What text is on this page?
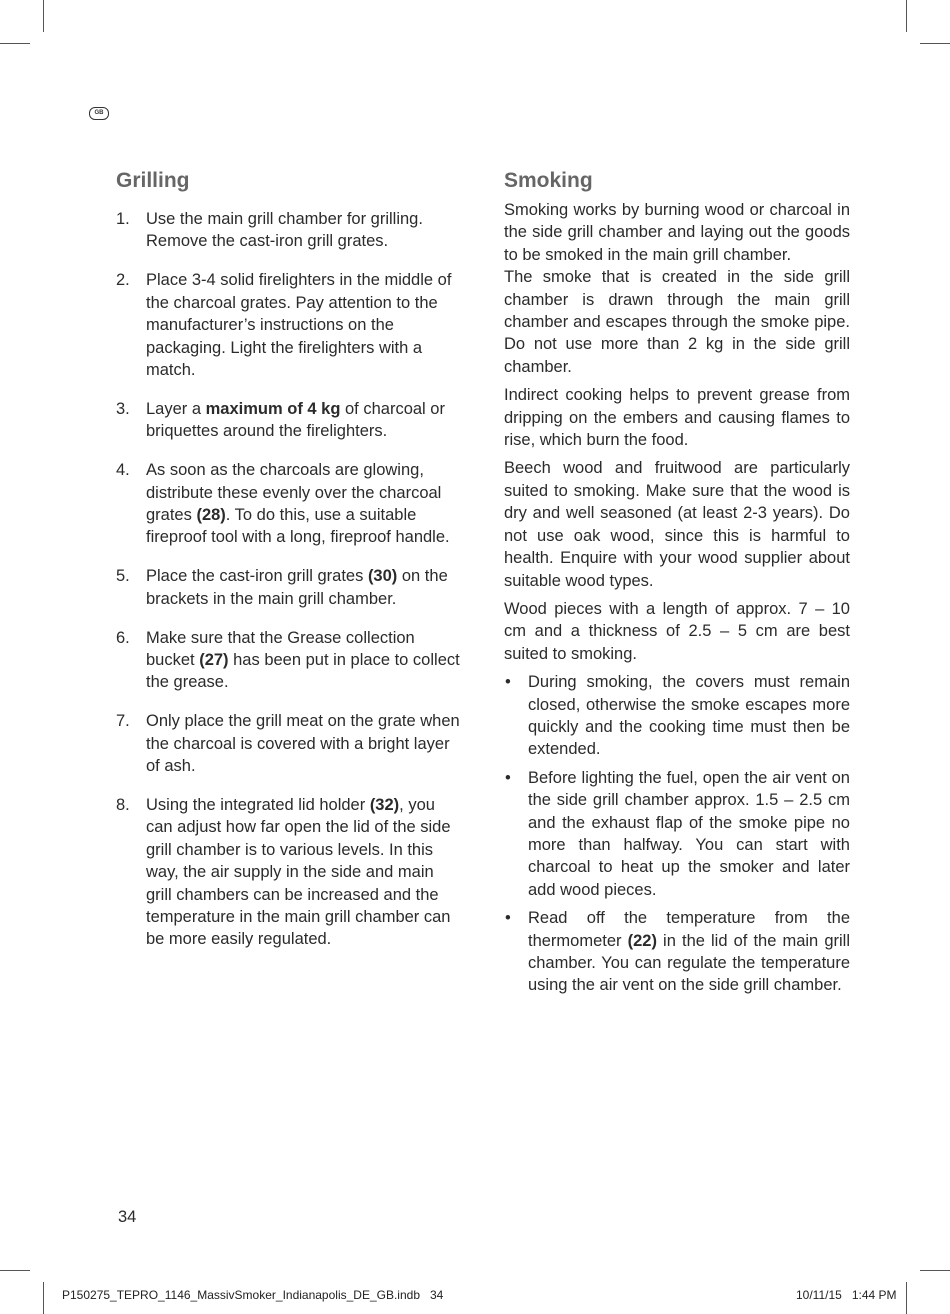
GB
Grilling
1. Use the main grill chamber for grilling. Remove the cast-iron grill grates.
2. Place 3-4 solid firelighters in the middle of the charcoal grates. Pay attention to the manufacturer’s instructions on the packaging. Light the firelighters with a match.
3. Layer a maximum of 4 kg of charcoal or briquettes around the firelighters.
4. As soon as the charcoals are glowing, distribute these evenly over the charcoal grates (28). To do this, use a suitable fireproof tool with a long, fireproof handle.
5. Place the cast-iron grill grates (30) on the brackets in the main grill chamber.
6. Make sure that the Grease collection bucket (27) has been put in place to collect the grease.
7. Only place the grill meat on the grate when the charcoal is covered with a bright layer of ash.
8. Using the integrated lid holder (32), you can adjust how far open the lid of the side grill chamber is to various levels. In this way, the air supply in the side and main grill chambers can be increased and the temperature in the main grill chamber can be more easily regulated.
Smoking

Smoking works by burning wood or charcoal in the side grill chamber and laying out the goods to be smoked in the main grill chamber.

The smoke that is created in the side grill chamber is drawn through the main grill chamber and escapes through the smoke pipe. Do not use more than 2 kg in the side grill chamber.

Indirect cooking helps to prevent grease from dripping on the embers and causing flames to rise, which burn the food.

Beech wood and fruitwood are particularly suited to smoking. Make sure that the wood is dry and well seasoned (at least 2-3 years). Do not use oak wood, since this is harmful to health. Enquire with your wood supplier about suitable wood types.

Wood pieces with a length of approx. 7 – 10 cm and a thickness of 2.5 – 5 cm are best suited to smoking.

• During smoking, the covers must remain closed, otherwise the smoke escapes more quickly and the cooking time must then be extended.
• Before lighting the fuel, open the air vent on the side grill chamber approx. 1.5 – 2.5 cm and the exhaust flap of the smoke pipe no more than halfway. You can start with charcoal to heat up the smoker and later add wood pieces.
• Read off the temperature from the thermometer (22) in the lid of the main grill chamber. You can regulate the temperature using the air vent on the side grill chamber.
34
P150275_TEPRO_1146_MassivSmoker_Indianapolis_DE_GB.indb   34	10/11/15   1:44 PM
